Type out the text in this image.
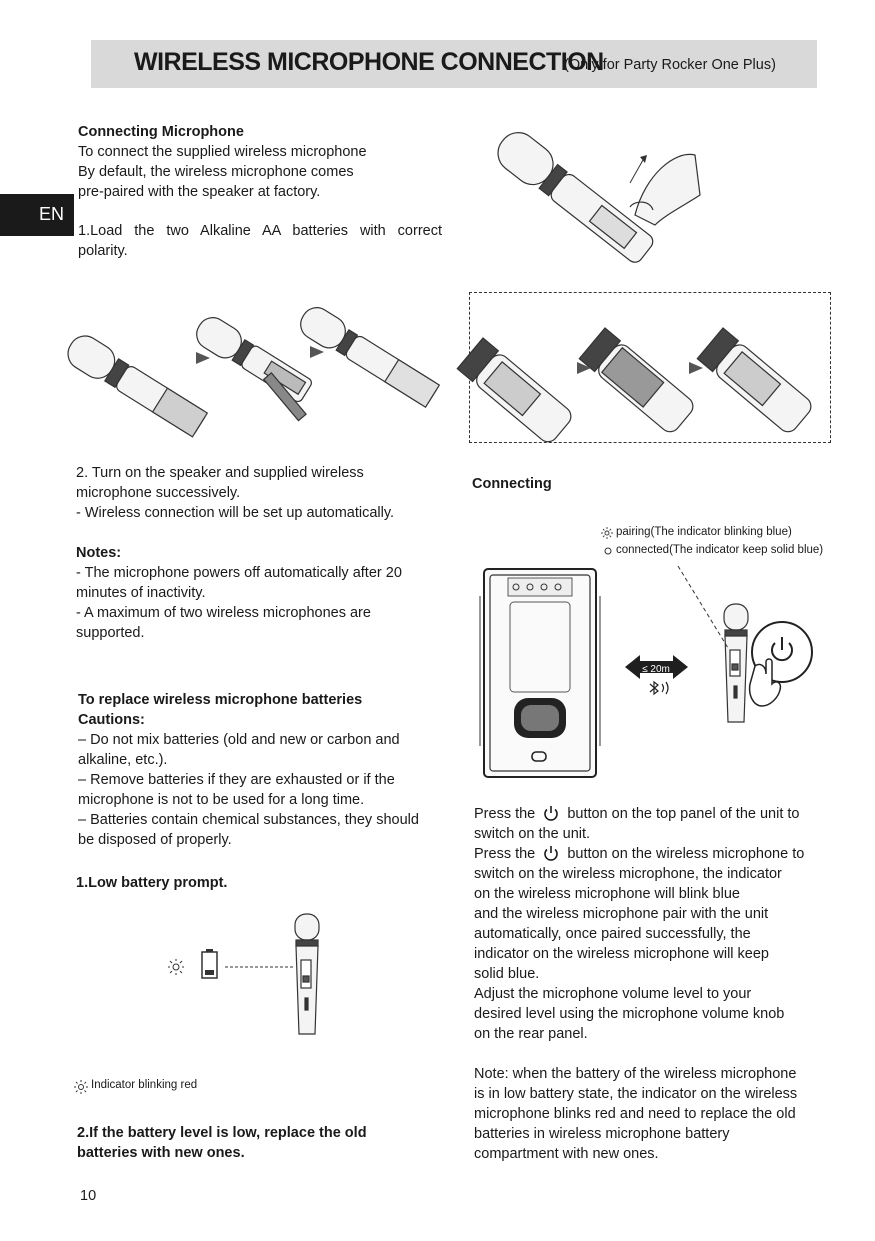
WIRELESS MICROPHONE CONNECTION
(Only for Party Rocker One Plus)
EN
Connecting Microphone
To connect the supplied wireless microphone
By default, the wireless microphone comes
pre-paired with the speaker at factory.
1.Load the two Alkaline AA batteries with correct
polarity.
2. Turn on the speaker and supplied wireless
microphone successively.
- Wireless connection will be set up automatically.
Notes:
- The microphone powers off automatically after 20
minutes of inactivity.
- A maximum of two wireless microphones are
supported.
To replace wireless microphone batteries
Cautions:
– Do not mix batteries (old and new or carbon and
alkaline, etc.).
– Remove batteries if they are exhausted or if the
microphone is not to be used for a long time.
– Batteries contain chemical substances, they should
be disposed of properly.
1.Low battery prompt.
Indicator blinking red
2.If the battery level is low, replace the old
batteries with new ones.
Connecting
pairing(The indicator blinking blue)
connected(The indicator keep solid blue)
≤ 20m
Press the button on the top panel of the unit to
switch on the unit.
Press the button on the wireless microphone to
switch on the wireless microphone, the indicator
on the wireless microphone will blink blue
and the wireless microphone pair with the unit
automatically, once paired successfully, the
indicator on the wireless microphone will keep
solid blue.
Adjust the microphone volume level to your
desired level using the microphone volume knob
on the rear panel.
Note: when the battery of the wireless microphone
is in low battery state, the indicator on the wireless
microphone blinks red and need to replace the old
batteries in wireless microphone battery
compartment with new ones.
10
